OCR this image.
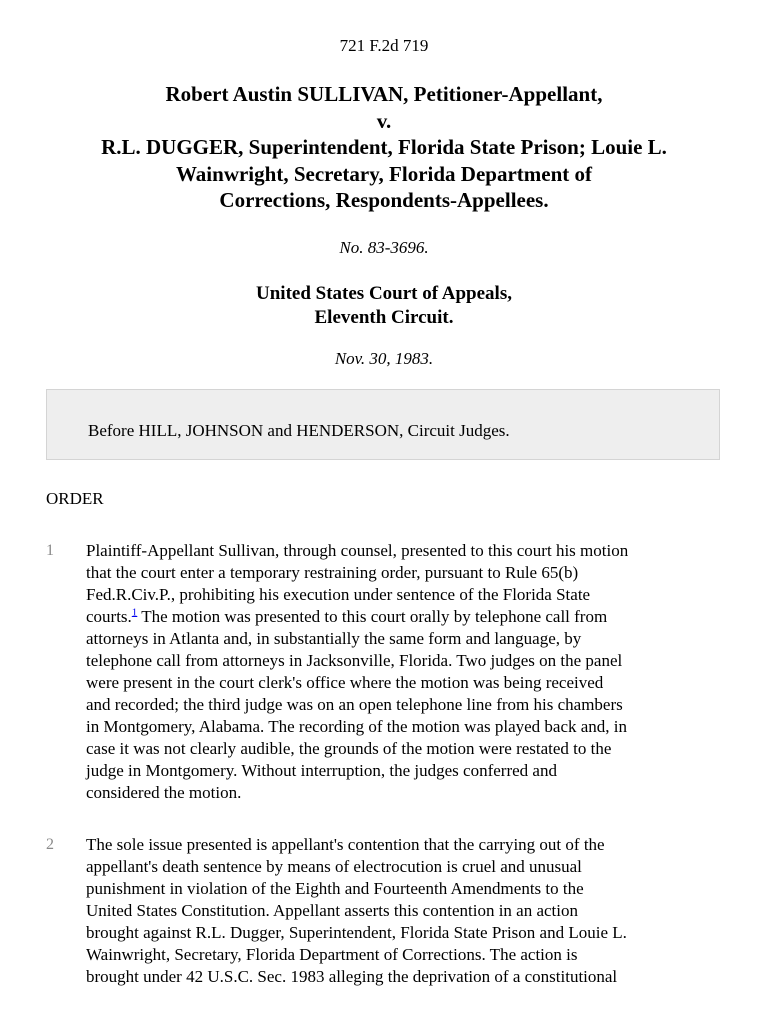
721 F.2d 719
Robert Austin SULLIVAN, Petitioner-Appellant,
v.
R.L. DUGGER, Superintendent, Florida State Prison; Louie L.
Wainwright, Secretary, Florida Department of
Corrections, Respondents-Appellees.
No. 83-3696.
United States Court of Appeals,
Eleventh Circuit.
Nov. 30, 1983.
Before HILL, JOHNSON and HENDERSON, Circuit Judges.
ORDER
1 Plaintiff-Appellant Sullivan, through counsel, presented to this court his motion
that the court enter a temporary restraining order, pursuant to Rule 65(b)
Fed.R.Civ.P., prohibiting his execution under sentence of the Florida State
courts.$^1$ The motion was presented to this court orally by telephone call from
attorneys in Atlanta and, in substantially the same form and language, by
telephone call from attorneys in Jacksonville, Florida. Two judges on the panel
were present in the court clerk's office where the motion was being received
and recorded; the third judge was on an open telephone line from his chambers
in Montgomery, Alabama. The recording of the motion was played back and, in
case it was not clearly audible, the grounds of the motion were restated to the
judge in Montgomery. Without interruption, the judges conferred and
considered the motion.
2 The sole issue presented is appellant's contention that the carrying out of the
appellant's death sentence by means of electrocution is cruel and unusual
punishment in violation of the Eighth and Fourteenth Amendments to the
United States Constitution. Appellant asserts this contention in an action
brought against R.L. Dugger, Superintendent, Florida State Prison and Louie L.
Wainwright, Secretary, Florida Department of Corrections. The action is
brought under 42 U.S.C. Sec. 1983 alleging the deprivation of a constitutional
